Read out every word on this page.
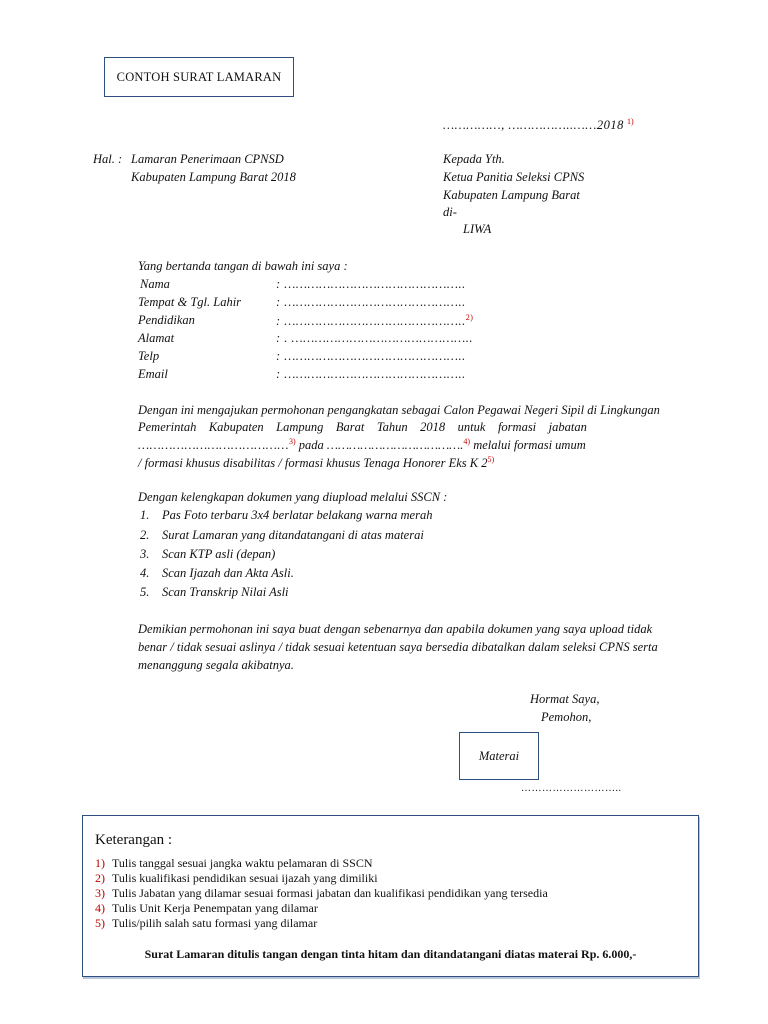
CONTOH SURAT LAMARAN
……………, ……………..……2018 $^{1)}$
Hal. : Lamaran Penerimaan CPNSD
Kabupaten Lampung Barat 2018
Kepada Yth.
Ketua Panitia Seleksi CPNS
Kabupaten Lampung Barat
di-
LIWA
Yang bertanda tangan di bawah ini saya :
Nama	: ………………………………………..
Tempat & Tgl. Lahir	: ………………………………………..
Pendidikan	: ………………………………………..$^{2)}$
Alamat	: . ………………………………………..
Telp	: ………………………………………..
Email	: ………………………………………..
Dengan ini mengajukan permohonan pengangkatan sebagai Calon Pegawai Negeri Sipil di Lingkungan
Pemerintah    Kabupaten    Lampung    Barat    Tahun    2018    untuk    formasi    jabatan
…………………………………$^{3)}$ pada ……………………………….$^{4)}$ melalui formasi umum
/ formasi khusus disabilitas / formasi khusus Tenaga Honorer Eks K 2$^{5)}$
Dengan kelengkapan dokumen yang diupload melalui SSCN :
1. Pas Foto terbaru 3x4 berlatar belakang warna merah
2. Surat Lamaran yang ditandatangani di atas materai
3. Scan KTP asli (depan)
4. Scan Ijazah dan Akta Asli.
5. Scan Transkrip Nilai Asli
Demikian permohonan ini saya buat dengan sebenarnya dan apabila dokumen yang saya upload tidak
benar / tidak sesuai aslinya / tidak sesuai ketentuan saya bersedia dibatalkan dalam seleksi CPNS serta
menanggung segala akibatnya.
Hormat Saya,
Pemohon,
Materai
………………………..
Keterangan :
1) Tulis tanggal sesuai jangka waktu pelamaran di SSCN
2) Tulis kualifikasi pendidikan sesuai ijazah yang dimiliki
3) Tulis Jabatan yang dilamar sesuai formasi jabatan dan kualifikasi pendidikan yang tersedia
4) Tulis Unit Kerja Penempatan yang dilamar
5) Tulis/pilih salah satu formasi yang dilamar
Surat Lamaran ditulis tangan dengan tinta hitam dan ditandatangani diatas materai Rp. 6.000,-
